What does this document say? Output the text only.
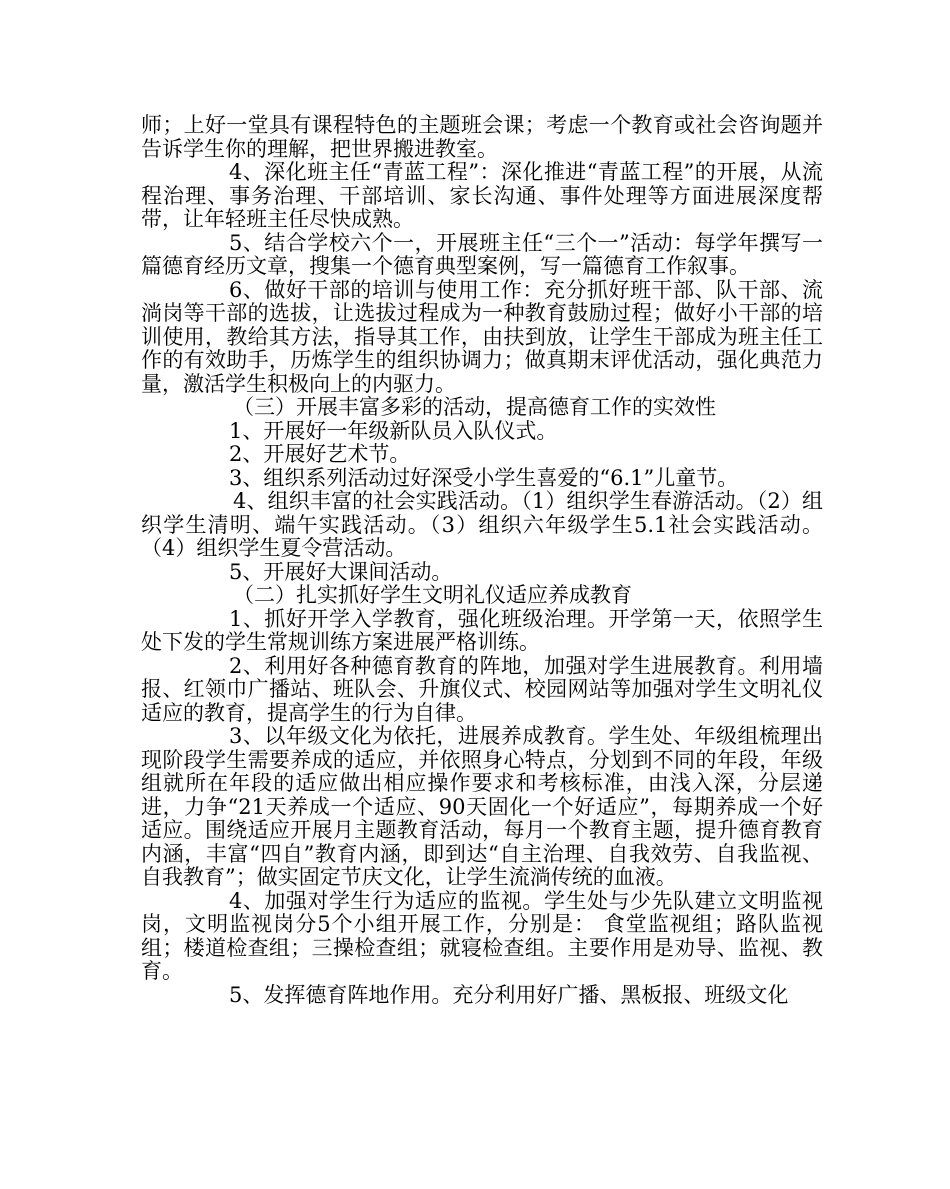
师；上好一堂具有课程特色的主题班会课；考虑一个教育或社会咨询题并告诉学生你的理解，把世界搬进教室。

4、深化班主任“青蓝工程”：深化推进“青蓝工程”的开展，从流程治理、事务治理、干部培训、家长沟通、事件处理等方面进展深度帮带，让年轻班主任尽快成熟。

5、结合学校六个一，开展班主任“三个一”活动：每学年撰写一篇德育经历文章，搜集一个德育典型案例，写一篇德育工作叙事。

6、做好干部的培训与使用工作：充分抓好班干部、队干部、流淌岗等干部的选拔，让选拔过程成为一种教育鼓励过程；做好小干部的培训使用，教给其方法，指导其工作，由扶到放，让学生干部成为班主任工作的有效助手，历炼学生的组织协调力；做真期末评优活动，强化典范力量，激活学生积极向上的内驱力。

（三）开展丰富多彩的活动，提高德育工作的实效性

1、开展好一年级新队员入队仪式。

2、开展好艺术节。

3、组织系列活动过好深受小学生喜爱的“6.1”儿童节。

4、组织丰富的社会实践活动。（1）组织学生春游活动。（2）组织学生清明、端午实践活动。（3）组织六年级学生5.1社会实践活动。 （4）组织学生夏令营活动。

5、开展好大课间活动。

（二）扎实抓好学生文明礼仪适应养成教育

1、抓好开学入学教育，强化班级治理。开学第一天，依照学生处下发的学生常规训练方案进展严格训练。

2、利用好各种德育教育的阵地，加强对学生进展教育。利用墙报、红领巾广播站、班队会、升旗仪式、校园网站等加强对学生文明礼仪适应的教育，提高学生的行为自律。

3、以年级文化为依托，进展养成教育。学生处、年级组梳理出现阶段学生需要养成的适应，并依照身心特点，分划到不同的年段，年级组就所在年段的适应做出相应操作要求和考核标准，由浅入深，分层递进，力争“21天养成一个适应、90天固化一个好适应”，每期养成一个好适应。围绕适应开展月主题教育活动，每月一个教育主题，提升德育教育内涵，丰富“四自”教育内涵，即到达“自主治理、自我效劳、自我监视、自我教育”；做实固定节庆文化，让学生流淌传统的血液。

4、加强对学生行为适应的监视。学生处与少先队建立文明监视岗，文明监视岗分5个小组开展工作，分别是： 食堂监视组；路队监视组；楼道检查组；三操检查组；就寝检查组。主要作用是劝导、监视、教育。

5、发挥德育阵地作用。充分利用好广播、黑板报、班级文化
